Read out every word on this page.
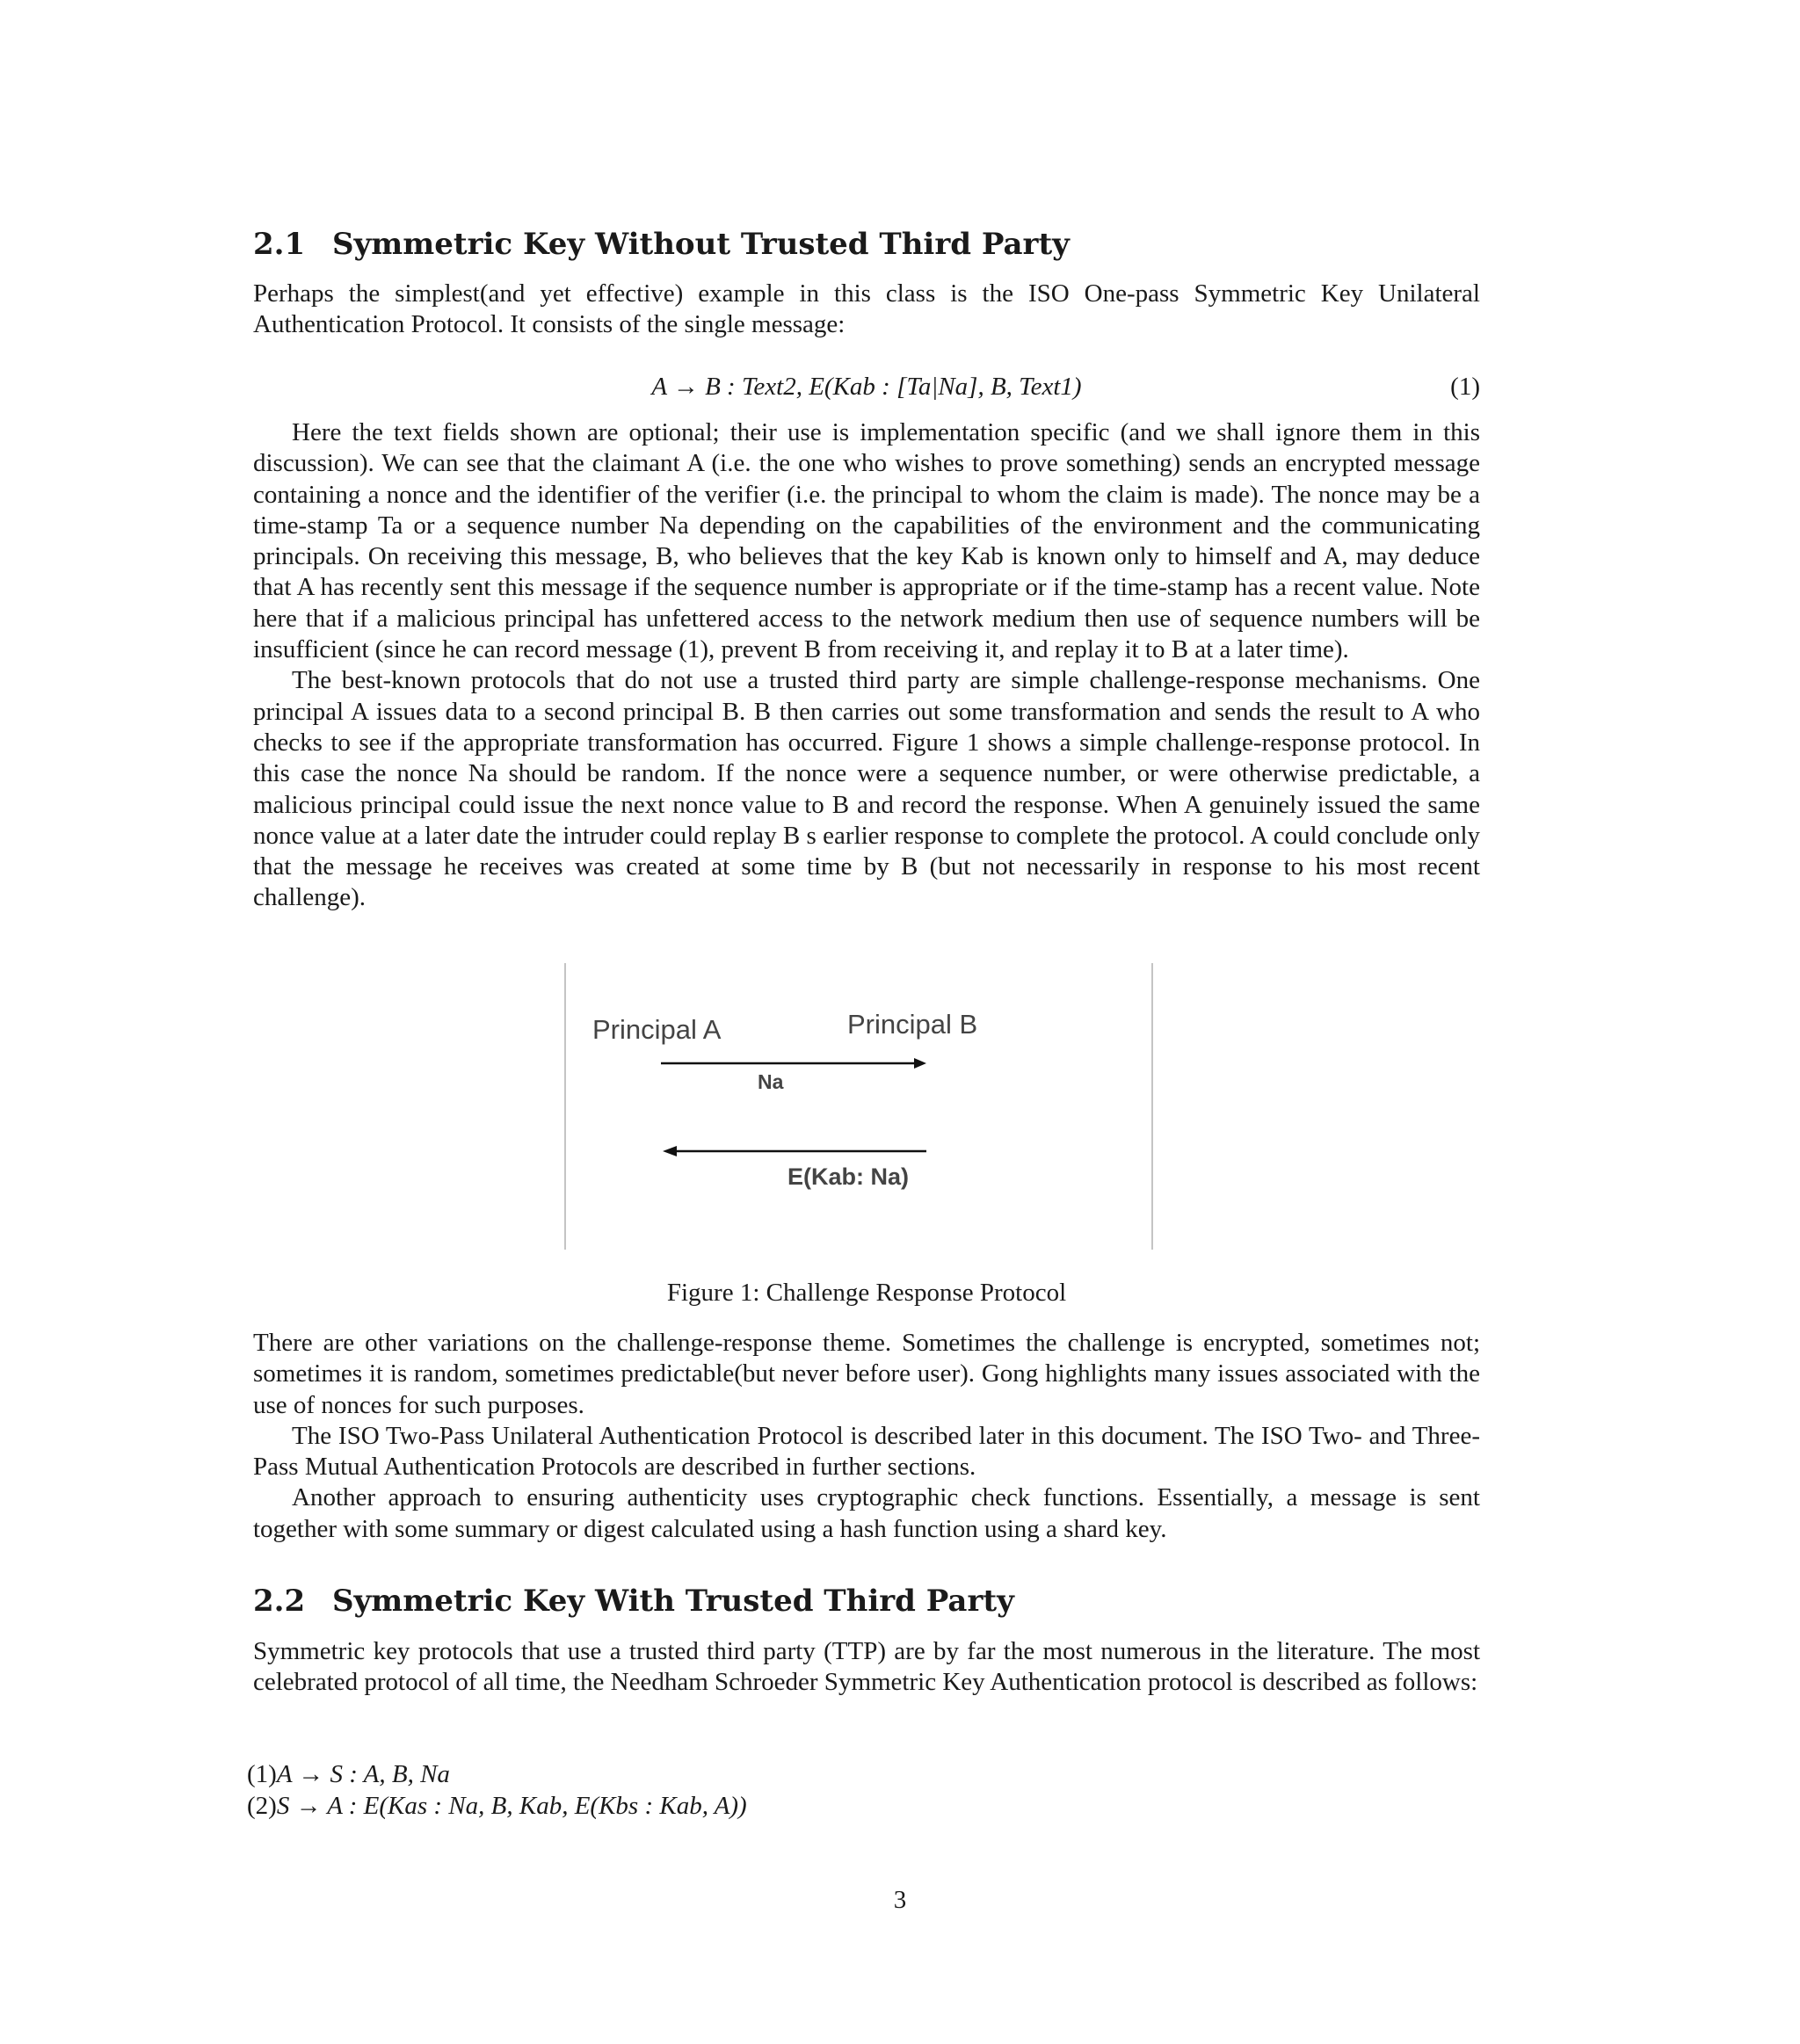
2.1 Symmetric Key Without Trusted Third Party

Perhaps the simplest(and yet effective) example in this class is the ISO One-pass Symmetric Key Unilateral Authentication Protocol. It consists of the single message:

A → B : Text2, E(Kab : [Ta|Na], B, Text1)	(1)

Here the text fields shown are optional; their use is implementation specific (and we shall ignore them in this discussion). We can see that the claimant A (i.e. the one who wishes to prove something) sends an encrypted message containing a nonce and the identifier of the verifier (i.e. the principal to whom the claim is made). The nonce may be a time-stamp Ta or a sequence number Na depending on the capabilities of the environment and the communicating principals. On receiving this message, B, who believes that the key Kab is known only to himself and A, may deduce that A has recently sent this message if the sequence number is appropriate or if the time-stamp has a recent value. Note here that if a malicious principal has unfettered access to the network medium then use of sequence numbers will be insufficient (since he can record message (1), prevent B from receiving it, and replay it to B at a later time).

The best-known protocols that do not use a trusted third party are simple challenge-response mechanisms. One principal A issues data to a second principal B. B then carries out some transformation and sends the result to A who checks to see if the appropriate transformation has occurred. Figure 1 shows a simple challenge-response protocol. In this case the nonce Na should be random. If the nonce were a sequence number, or were otherwise predictable, a malicious principal could issue the next nonce value to B and record the response. When A genuinely issued the same nonce value at a later date the intruder could replay B s earlier response to complete the protocol. A could conclude only that the message he receives was created at some time by B (but not necessarily in response to his most recent challenge).

Principal A	Principal B
Na
E(Kab: Na)
Figure 1: Challenge Response Protocol

There are other variations on the challenge-response theme. Sometimes the challenge is encrypted, sometimes not; sometimes it is random, sometimes predictable(but never before user). Gong highlights many issues associated with the use of nonces for such purposes.

The ISO Two-Pass Unilateral Authentication Protocol is described later in this document. The ISO Two- and Three-Pass Mutual Authentication Protocols are described in further sections.

Another approach to ensuring authenticity uses cryptographic check functions. Essentially, a message is sent together with some summary or digest calculated using a hash function using a shard key.

2.2 Symmetric Key With Trusted Third Party

Symmetric key protocols that use a trusted third party (TTP) are by far the most numerous in the literature. The most celebrated protocol of all time, the Needham Schroeder Symmetric Key Authentication protocol is described as follows:

(1)A → S : A, B, Na
(2)S → A : E(Kas : Na, B, Kab, E(Kbs : Kab, A))
3
